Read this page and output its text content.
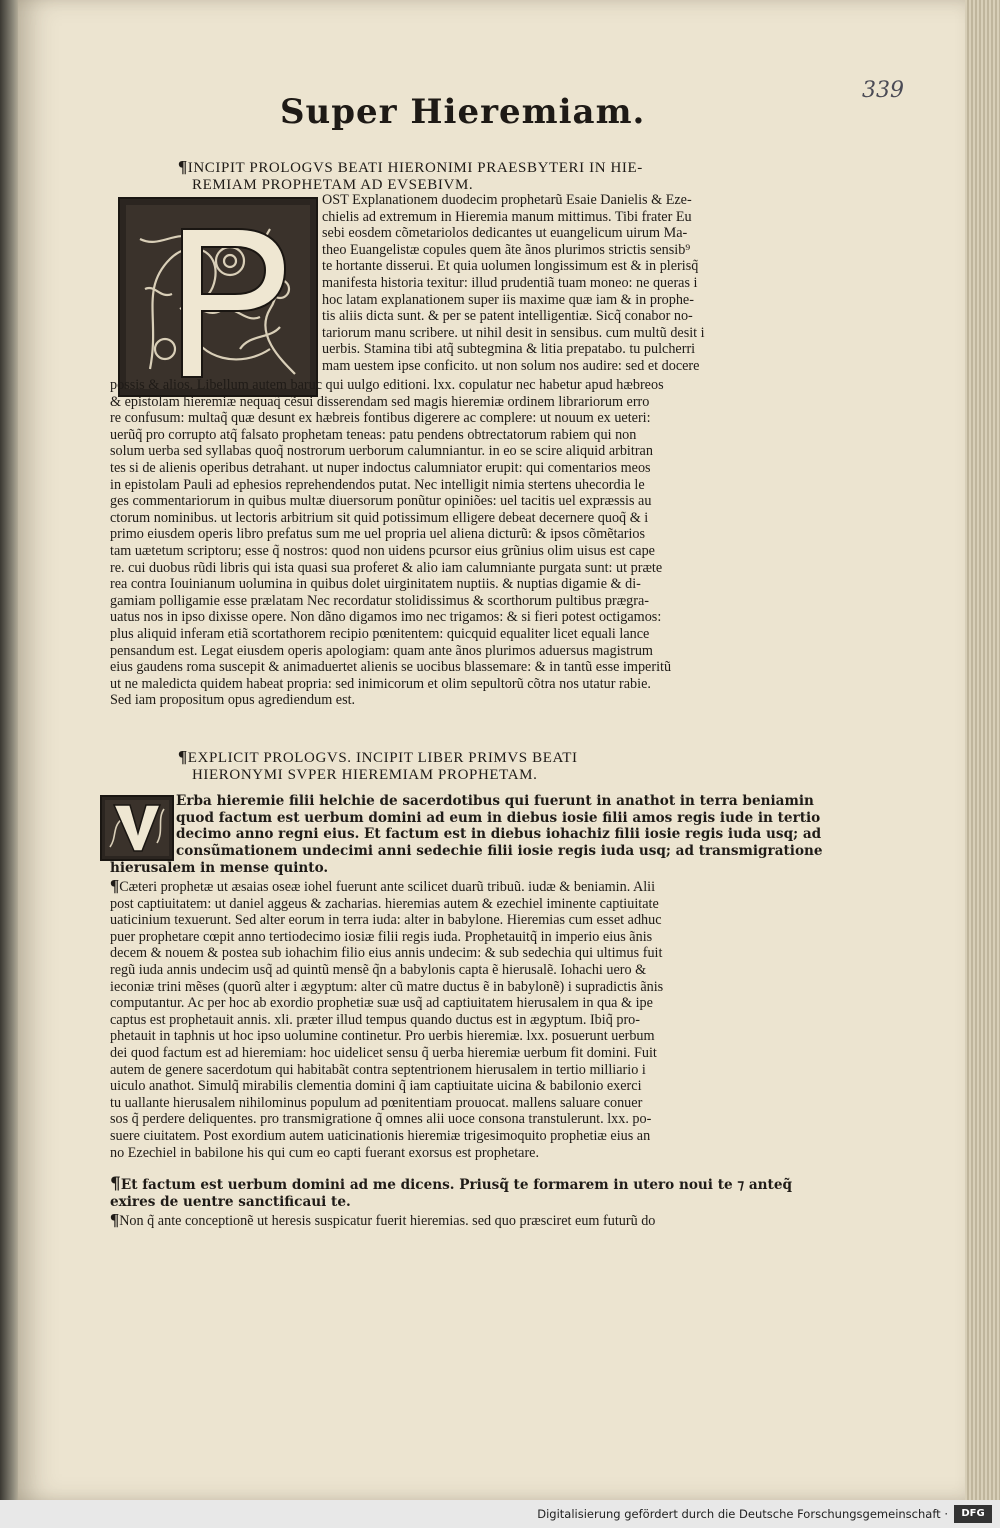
339
Super Hieremiam.

¶INCIPIT PROLOGVS BEATI HIERONIMI PRAESBYTERI IN HIE-

REMIAM PROPHETAM AD EVSEBIVM.

OST Explanationem duodecim prophetarũ Esaie Danielis & Eze-

chielis ad extremum in Hieremia manum mittimus. Tibi frater Eu

sebi eosdem cõmetariolos dedicantes ut euangelicum uirum Ma-

theo Euangelistæ copules quem ãte ãnos plurimos strictis sensib⁹

te hortante disserui. Et quia uolumen longissimum est & in plerisq̃

manifesta historia texitur: illud prudentiã tuam moneo: ne queras i

hoc latam explanationem super iis maxime quæ iam & in prophe-

tis aliis dicta sunt. & per se patent intelligentiæ. Sicq̃ conabor no-

tariorum manu scribere. ut nihil desit in sensibus. cum multũ desit i

uerbis. Stamina tibi atq̃ subtegmina & litia prepatabo. tu pulcherri

mam uestem ipse conficito. ut non solum nos audire: sed et docere

possis & alios. Libellum autem baruc qui uulgo editioni. lxx. copulatur nec habetur apud hæbreos

& epistolam hieremiæ nequaq̃ cẽsui disserendam sed magis hieremiæ ordinem librariorum erro

re confusum: multaq̃ quæ desunt ex hæbreis fontibus digerere ac complere: ut nouum ex ueteri:

uerũq̃ pro corrupto atq̃ falsato prophetam teneas: patu pendens obtrectatorum rabiem qui non

solum uerba sed syllabas quoq̃ nostrorum uerborum calumniantur. in eo se scire aliquid arbitran

tes si de alienis operibus detrahant. ut nuper indoctus calumniator erupit: qui comentarios meos

in epistolam Pauli ad ephesios reprehendendos putat. Nec intelligit nimia stertens uhecordia le

ges commentariorum in quibus multæ diuersorum ponũtur opiniões: uel tacitis uel expræssis au

ctorum nominibus. ut lectoris arbitrium sit quid potissimum elligere debeat decernere quoq̃ & i

primo eiusdem operis libro prefatus sum me uel propria uel aliena dicturũ: & ipsos cõmẽtarios

tam uætetum scriptoru; esse q̃ nostros: quod non uidens pcursor eius grũnius olim uisus est cape

re. cui duobus rũdi libris qui ista quasi sua proferet & alio iam calumniante purgata sunt: ut præte

rea contra Iouinianum uolumina in quibus dolet uirginitatem nuptiis. & nuptias digamie & di-

gamiam polligamie esse prælatam Nec recordatur stolidissimus & scorthorum pultibus prægra-

uatus nos in ipso dixisse opere. Non dãno digamos imo nec trigamos: & si fieri potest octigamos:

plus aliquid inferam etiã scortathorem recipio pœnitentem: quicquid equaliter licet equali lance

pensandum est. Legat eiusdem operis apologiam: quam ante ãnos plurimos aduersus magistrum

eius gaudens roma suscepit & animaduertet alienis se uocibus blassemare: & in tantũ esse imperitũ

ut ne maledicta quidem habeat propria: sed inimicorum et olim sepultorũ cõtra nos utatur rabie.

Sed iam propositum opus agrediendum est.

¶EXPLICIT PROLOGVS. INCIPIT LIBER PRIMVS BEATI

HIERONYMI SVPER HIEREMIAM PROPHETAM.

Erba hieremie filii helchie de sacerdotibus qui fuerunt in anathot in terra beniamin

quod factum est uerbum domini ad eum in diebus iosie filii amos regis iude in tertio

decimo anno regni eius. Et factum est in diebus iohachiz filii iosie regis iuda usq; ad

consũmationem undecimi anni sedechie filii iosie regis iuda usq; ad transmigratione

hierusalem in mense quinto.

¶Cæteri prophetæ ut æsaias oseæ iohel fuerunt ante scilicet duarũ tribuũ. iudæ & beniamin. Alii

post captiuitatem: ut daniel aggeus & zacharias. hieremias autem & ezechiel iminente captiuitate

uaticinium texuerunt. Sed alter eorum in terra iuda: alter in babylone. Hieremias cum esset adhuc

puer prophetare cœpit anno tertiodecimo iosiæ filii regis iuda. Prophetauitq̃ in imperio eius ãnis

decem & nouem & postea sub iohachim filio eius annis undecim: & sub sedechia qui ultimus fuit

regũ iuda annis undecim usq̃ ad quintũ mensẽ q̃n a babylonis capta ẽ hierusalẽ. Iohachi uero &

ieconiæ trini mẽses (quorũ alter i ægyptum: alter cũ matre ductus ẽ in babylonẽ) i supradictis ãnis

computantur. Ac per hoc ab exordio prophetiæ suæ usq̃ ad captiuitatem hierusalem in qua & ipe

captus est prophetauit annis. xli. præter illud tempus quando ductus est in ægyptum. Ibiq̃ pro-

phetauit in taphnis ut hoc ipso uolumine continetur. Pro uerbis hieremiæ. lxx. posuerunt uerbum

dei quod factum est ad hieremiam: hoc uidelicet sensu q̃ uerba hieremiæ uerbum fit domini. Fuit

autem de genere sacerdotum qui habitabãt contra septentrionem hierusalem in tertio milliario i

uiculo anathot. Simulq̃ mirabilis clementia domini q̃ iam captiuitate uicina & babilonio exerci

tu uallante hierusalem nihilominus populum ad pœnitentiam prouocat. mallens saluare conuer

sos q̃ perdere deliquentes. pro transmigratione q̃ omnes alii uoce consona transtulerunt. lxx. po-

suere ciuitatem. Post exordium autem uaticinationis hieremiæ trigesimoquito prophetiæ eius an

no Ezechiel in babilone his qui cum eo capti fuerant exorsus est prophetare.

¶Et factum est uerbum domini ad me dicens. Priusq̃ te formarem in utero noui te ⁊ anteq̃

exires de uentre sanctificaui te.

¶Non q̃ ante conceptionẽ ut heresis suspicatur fuerit hieremias. sed quo præsciret eum futurũ do

Digitalisierung gefördert durch die Deutsche Forschungsgemeinschaft ·	DFG
